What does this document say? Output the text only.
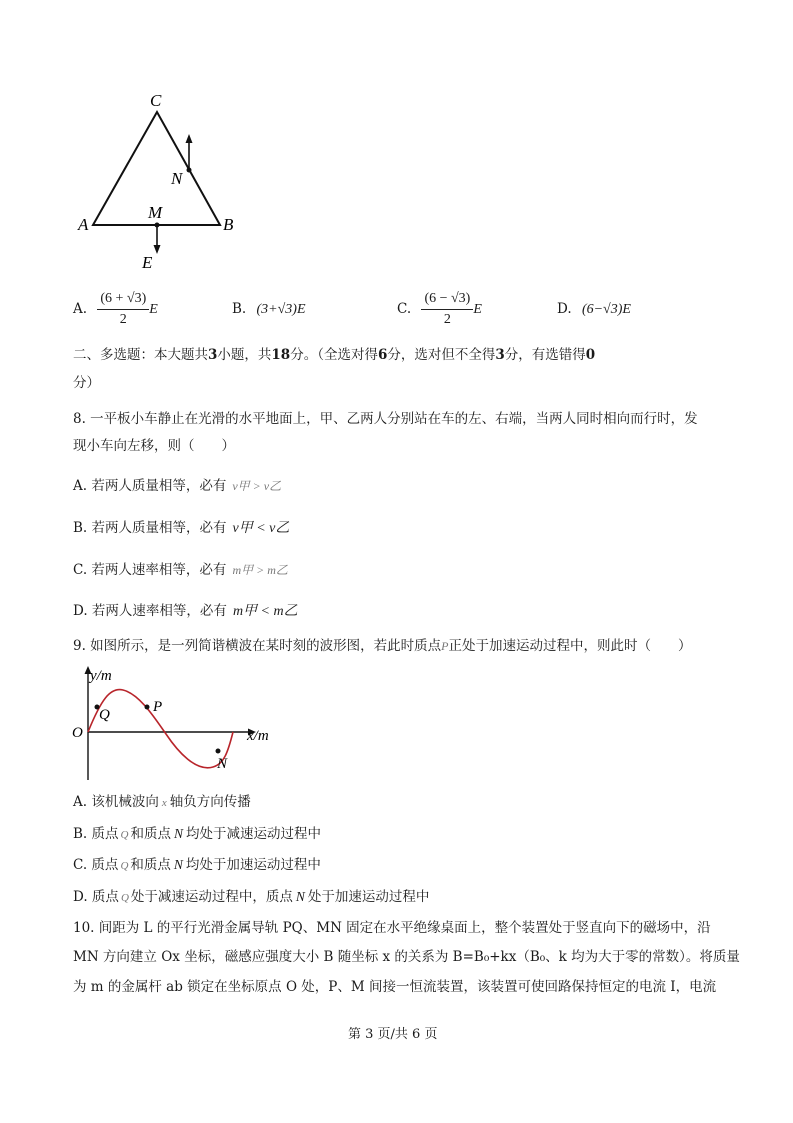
C
N
M
A	B
E
A. $\frac{(6 + √3)}{2}$ E	B. (3+√3)E	C. $\frac{(6 - √3)}{2}$ E	D. (6−√3)E
二、多选题：本大题共3小题，共18分。（全选对得6分，选对但不全得3分，有选错得0
分）
8. 一平板小车静止在光滑的水平地面上，甲、乙两人分别站在车的左、右端，当两人同时相向而行时，发
现小车向左移，则（　　）
A. 若两人质量相等，必有 v甲 > v乙
B. 若两人质量相等，必有 v甲 < v乙
C. 若两人速率相等，必有 m甲 > m乙
D. 若两人速率相等，必有 m甲 < m乙
9. 如图所示，是一列简谐横波在某时刻的波形图，若此时质点P正处于加速运动过程中，则此时（　　）
y/m
x/m
O
Q	P
N
A. 该机械波向 x 轴负方向传播
B. 质点 Q 和质点 N 均处于减速运动过程中
C. 质点 Q 和质点 N 均处于加速运动过程中
D. 质点 Q 处于减速运动过程中，质点 N 处于加速运动过程中
10. 间距为 L 的平行光滑金属导轨 PQ、MN 固定在水平绝缘桌面上，整个装置处于竖直向下的磁场中，沿
MN 方向建立 Ox 坐标，磁感应强度大小 B 随坐标 x 的关系为 B=B₀+kx（B₀、k 均为大于零的常数）。将质量
为 m 的金属杆 ab 锁定在坐标原点 O 处，P、M 间接一恒流装置，该装置可使回路保持恒定的电流 I，电流
第 3 页/共 6 页
